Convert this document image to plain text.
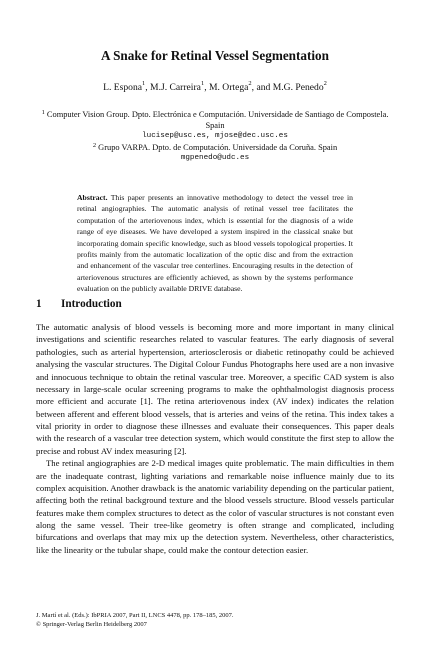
A Snake for Retinal Vessel Segmentation
L. Espona$^1$, M.J. Carreira$^1$, M. Ortega$^2$, and M.G. Penedo$^2$
$^1$ Computer Vision Group. Dpto. Electrónica e Computación. Universidade de Santiago de Compostela. Spain
lucisep@usc.es, mjose@dec.usc.es
$^2$ Grupo VARPA. Dpto. de Computación. Universidade da Coruña. Spain
mgpenedo@udc.es
Abstract. This paper presents an innovative methodology to detect the vessel tree in retinal angiographies. The automatic analysis of retinal vessel tree facilitates the computation of the arteriovenous index, which is essential for the diagnosis of a wide range of eye diseases. We have developed a system inspired in the classical snake but incorporating domain specific knowledge, such as blood vessels topological properties. It profits mainly from the automatic localization of the optic disc and from the extraction and enhancement of the vascular tree centerlines. Encouraging results in the detection of arteriovenous structures are efficiently achieved, as shown by the systems performance evaluation on the publicly available DRIVE database.
1 Introduction

The automatic analysis of blood vessels is becoming more and more important in many clinical investigations and scientific researches related to vascular features. The early diagnosis of several pathologies, such as arterial hypertension, arteriosclerosis or diabetic retinopathy could be achieved analysing the vascular structures. The Digital Colour Fundus Photographs here used are a non invasive and innocuous technique to obtain the retinal vascular tree. Moreover, a specific CAD system is also necessary in large-scale ocular screening programs to make the ophthalmologist diagnosis process more efficient and accurate [1]. The retina arteriovenous index (AV index) indicates the relation between afferent and efferent blood vessels, that is arteries and veins of the retina. This index takes a vital priority in order to diagnose these illnesses and evaluate their consequences. This paper deals with the research of a vascular tree detection system, which would constitute the first step to allow the precise and robust AV index measuring [2].

The retinal angiographies are 2-D medical images quite problematic. The main difficulties in them are the inadequate contrast, lighting variations and remarkable noise influence mainly due to its complex acquisition. Another drawback is the anatomic variability depending on the particular patient, affecting both the retinal background texture and the blood vessels structure. Blood vessels particular features make them complex structures to detect as the color of vascular structures is not constant even along the same vessel. Their tree-like geometry is often strange and complicated, including bifurcations and overlaps that may mix up the detection system. Nevertheless, other characteristics, like the linearity or the tubular shape, could make the contour detection easier.

J. Martí et al. (Eds.): IbPRIA 2007, Part II, LNCS 4478, pp. 178–185, 2007.
© Springer-Verlag Berlin Heidelberg 2007
